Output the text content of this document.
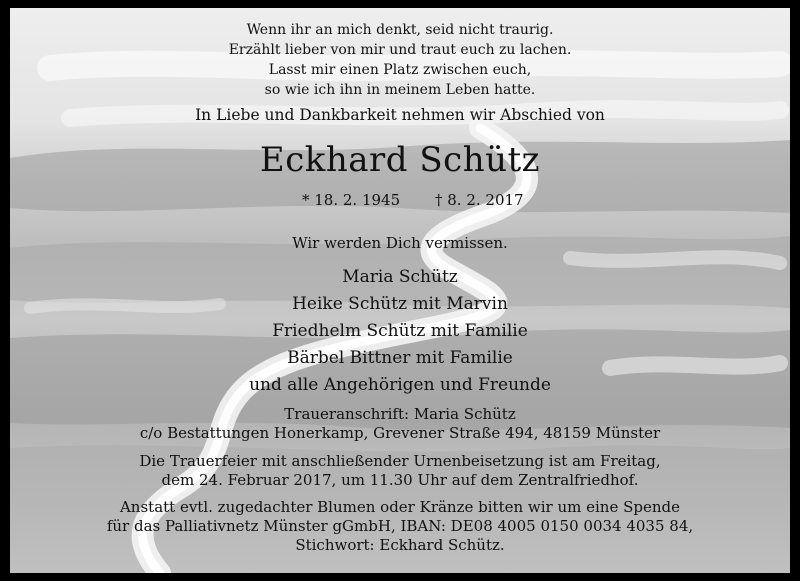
Wenn ihr an mich denkt, seid nicht traurig.
Erzählt lieber von mir und traut euch zu lachen.
Lasst mir einen Platz zwischen euch,
so wie ich ihn in meinem Leben hatte.
In Liebe und Dankbarkeit nehmen wir Abschied von
Eckhard Schütz
* 18. 2. 1945 † 8. 2. 2017
Wir werden Dich vermissen.
Maria Schütz
Heike Schütz mit Marvin
Friedhelm Schütz mit Familie
Bärbel Bittner mit Familie
und alle Angehörigen und Freunde
Traueranschrift: Maria Schütz
c/o Bestattungen Honerkamp, Grevener Straße 494, 48159 Münster
Die Trauerfeier mit anschließender Urnenbeisetzung ist am Freitag,
dem 24. Februar 2017, um 11.30 Uhr auf dem Zentralfriedhof.
Anstatt evtl. zugedachter Blumen oder Kränze bitten wir um eine Spende
für das Palliativnetz Münster gGmbH, IBAN: DE08 4005 0150 0034 4035 84,
Stichwort: Eckhard Schütz.
